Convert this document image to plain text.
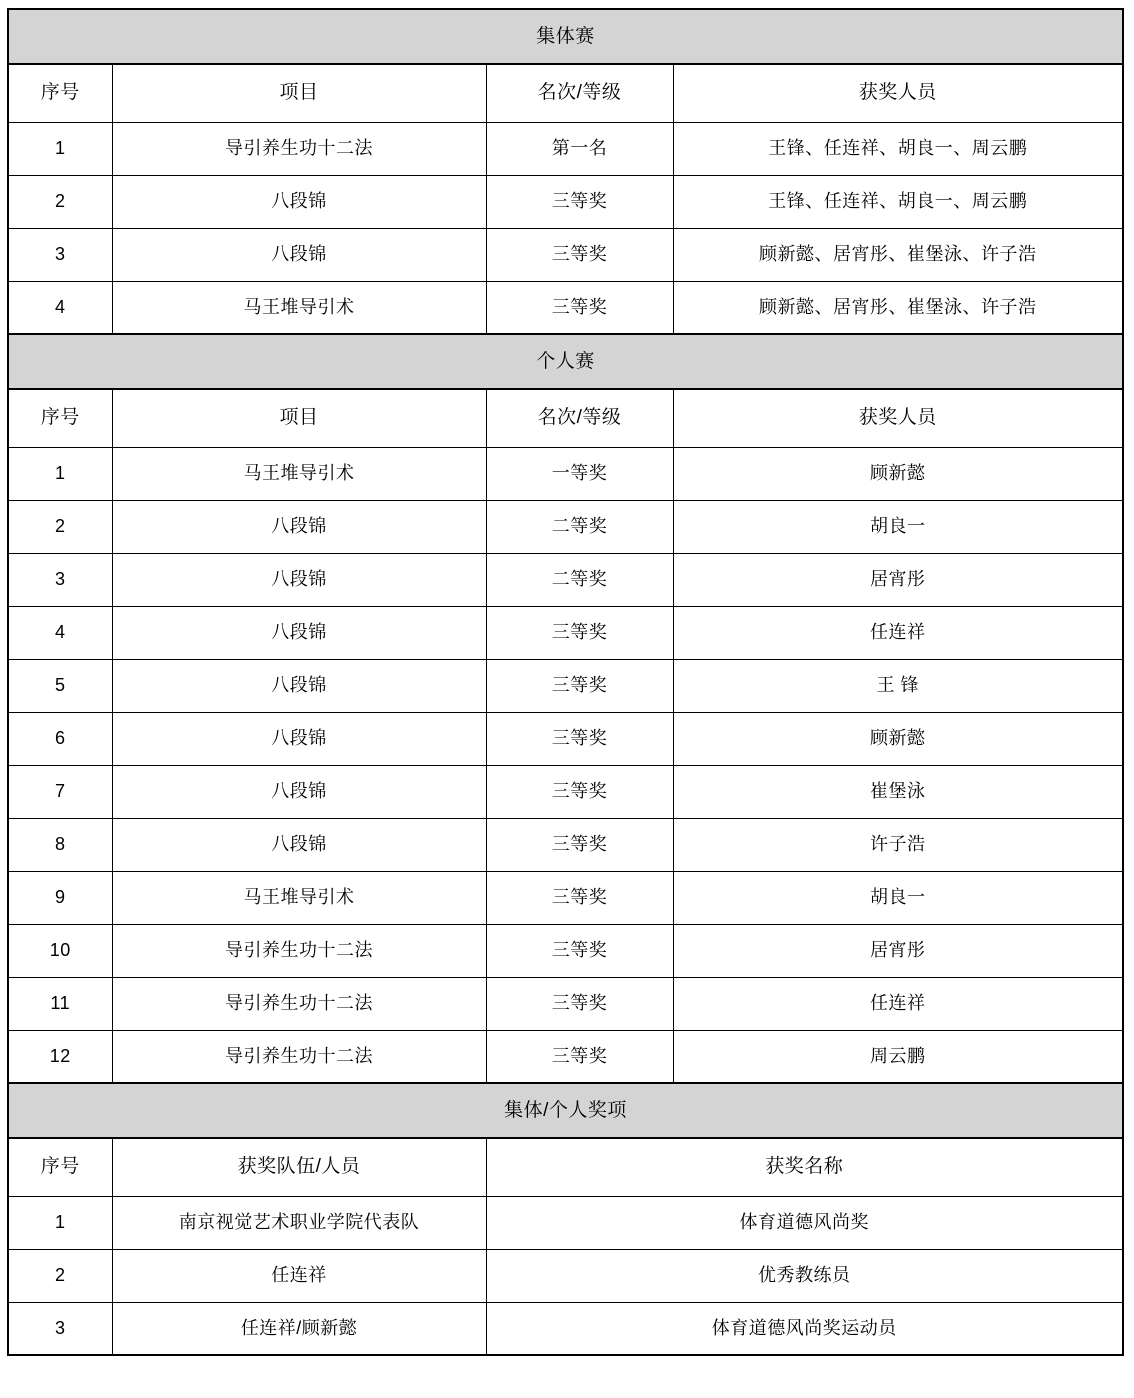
集体赛			
序号	项目	名次/等级	获奖人员
1	导引养生功十二法	第一名	王锋、任连祥、胡良一、周云鹏
2	八段锦	三等奖	王锋、任连祥、胡良一、周云鹏
3	八段锦	三等奖	顾新懿、居宵彤、崔堡泳、许子浩
4	马王堆导引术	三等奖	顾新懿、居宵彤、崔堡泳、许子浩
个人赛			
序号	项目	名次/等级	获奖人员
1	马王堆导引术	一等奖	顾新懿
2	八段锦	二等奖	胡良一
3	八段锦	二等奖	居宵彤
4	八段锦	三等奖	任连祥
5	八段锦	三等奖	王 锋
6	八段锦	三等奖	顾新懿
7	八段锦	三等奖	崔堡泳
8	八段锦	三等奖	许子浩
9	马王堆导引术	三等奖	胡良一
10	导引养生功十二法	三等奖	居宵彤
11	导引养生功十二法	三等奖	任连祥
12	导引养生功十二法	三等奖	周云鹏
集体/个人奖项			
序号	获奖队伍/人员	获奖名称	
1	南京视觉艺术职业学院代表队	体育道德风尚奖	
2	任连祥	优秀教练员	
3	任连祥/顾新懿	体育道德风尚奖运动员	
